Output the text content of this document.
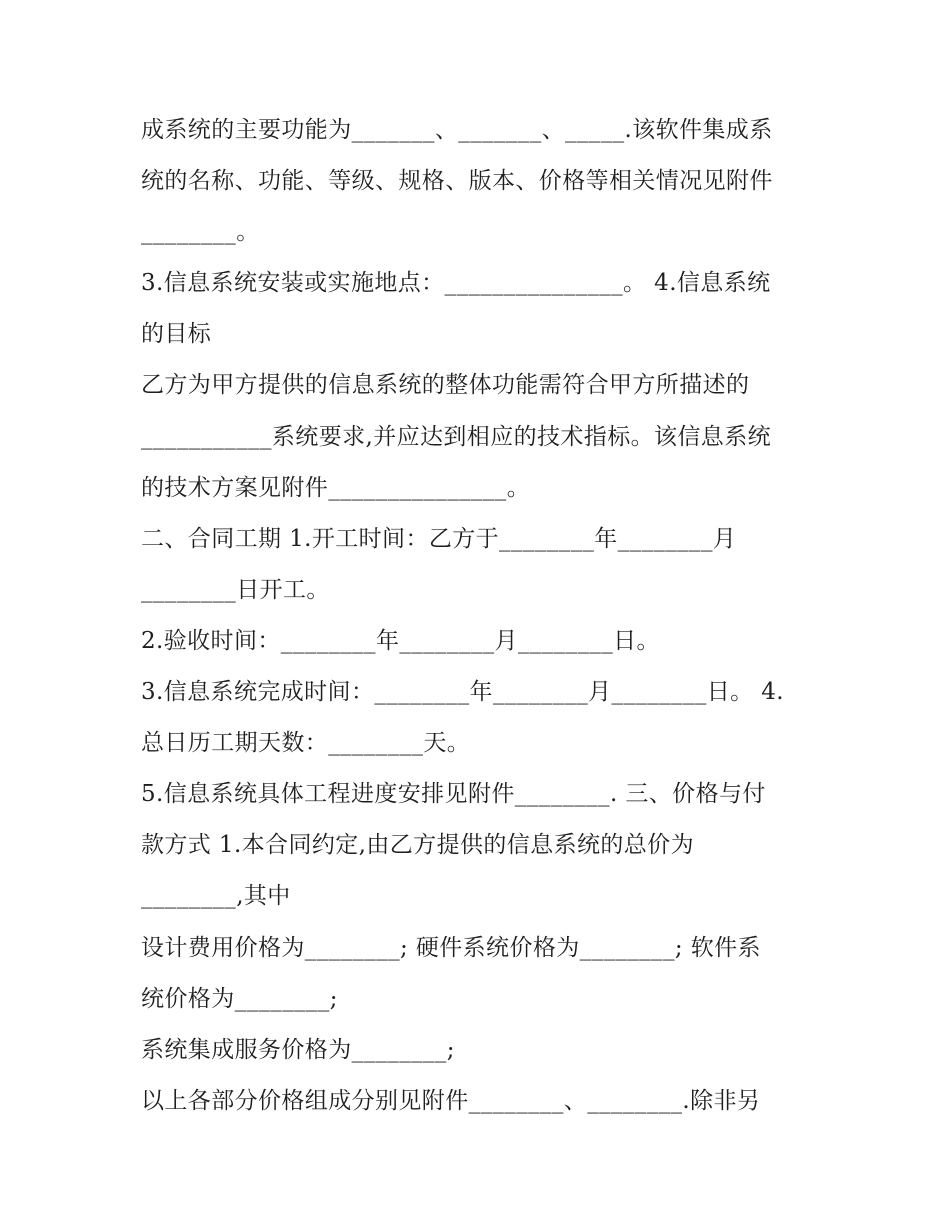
成系统的主要功能为_______、_______、_____.该软件集成系
统的名称、功能、等级、规格、版本、价格等相关情况见附件
________。
3.信息系统安装或实施地点：_______________。 4.信息系统
的目标
乙方为甲方提供的信息系统的整体功能需符合甲方所描述的
___________系统要求,并应达到相应的技术指标。该信息系统
的技术方案见附件_______________。
二、合同工期 1.开工时间：乙方于________年________月
________日开工。
2.验收时间：________年________月________日。
3.信息系统完成时间：________年________月________日。 4.
总日历工期天数：________天。
5.信息系统具体工程进度安排见附件________. 三、价格与付
款方式 1.本合同约定,由乙方提供的信息系统的总价为
________,其中
设计费用价格为________; 硬件系统价格为________; 软件系
统价格为________;
系统集成服务价格为________;
以上各部分价格组成分别见附件________、________.除非另
